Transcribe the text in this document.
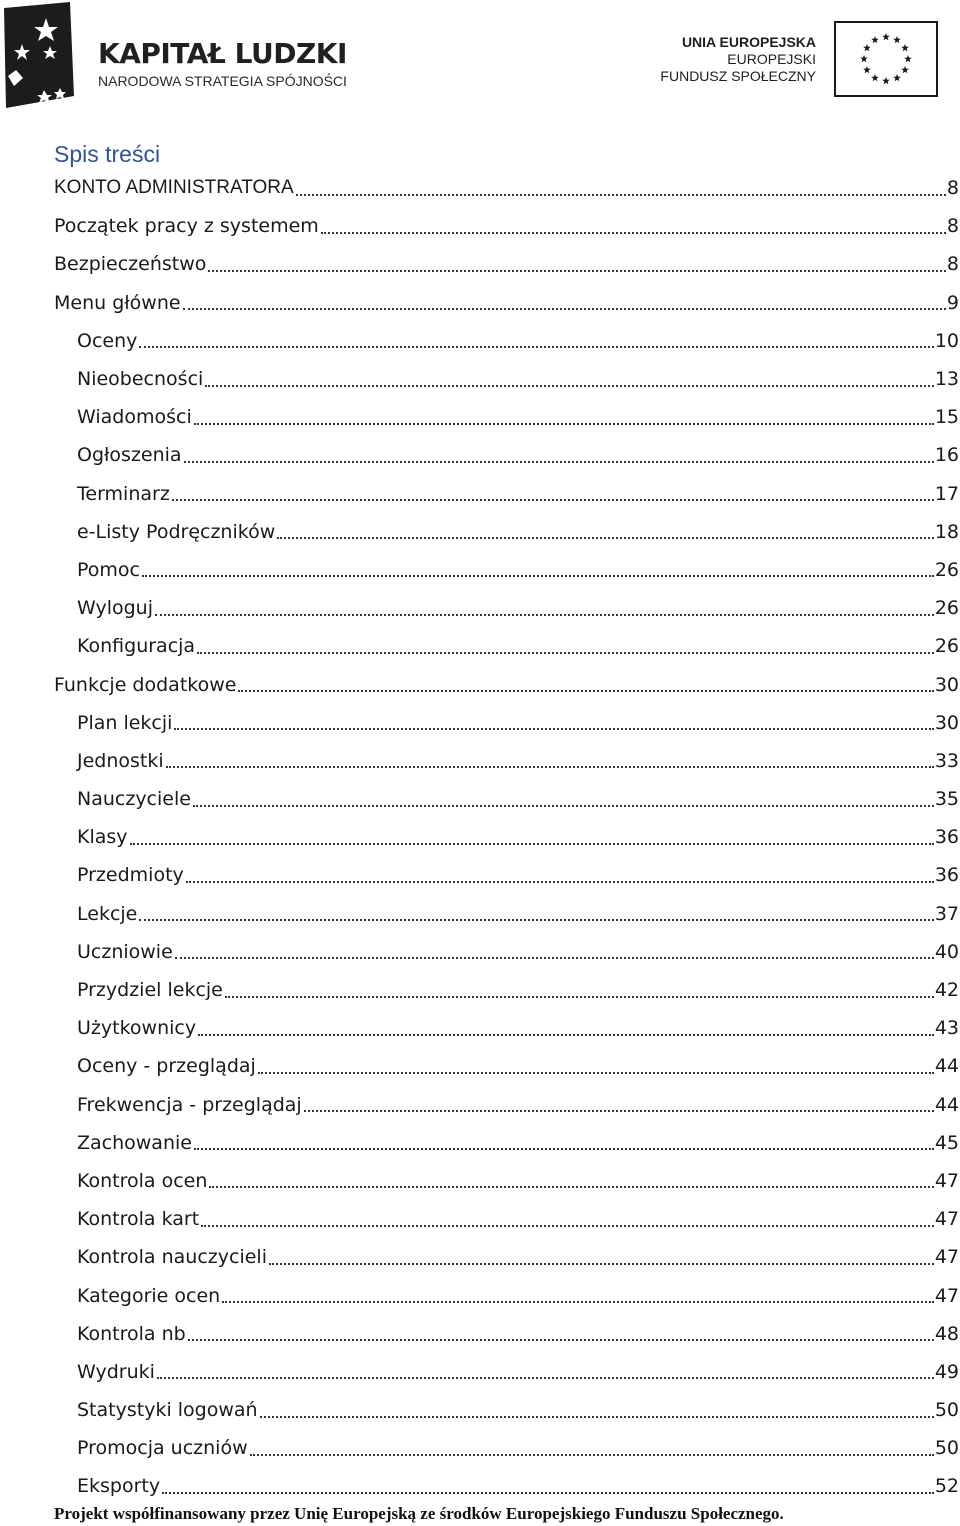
KAPITAŁ LUDZKI
NARODOWA STRATEGIA SPÓJNOŚCI
UNIA EUROPEJSKA
EUROPEJSKI
FUNDUSZ SPOŁECZNY
Spis treści
KONTO ADMINISTRATORA	8
Początek pracy z systemem	8
Bezpieczeństwo	8
Menu główne	9
Oceny	10
Nieobecności	13
Wiadomości	15
Ogłoszenia	16
Terminarz	17
e-Listy Podręczników	18
Pomoc	26
Wyloguj	26
Konfiguracja	26
Funkcje dodatkowe	30
Plan lekcji	30
Jednostki	33
Nauczyciele	35
Klasy	36
Przedmioty	36
Lekcje	37
Uczniowie	40
Przydziel lekcje	42
Użytkownicy	43
Oceny - przeglądaj	44
Frekwencja - przeglądaj	44
Zachowanie	45
Kontrola ocen	47
Kontrola kart	47
Kontrola nauczycieli	47
Kategorie ocen	47
Kontrola nb	48
Wydruki	49
Statystyki logowań	50
Promocja uczniów	50
Eksporty	52
Projekt współfinansowany przez Unię Europejską ze środków Europejskiego Funduszu Społecznego.
